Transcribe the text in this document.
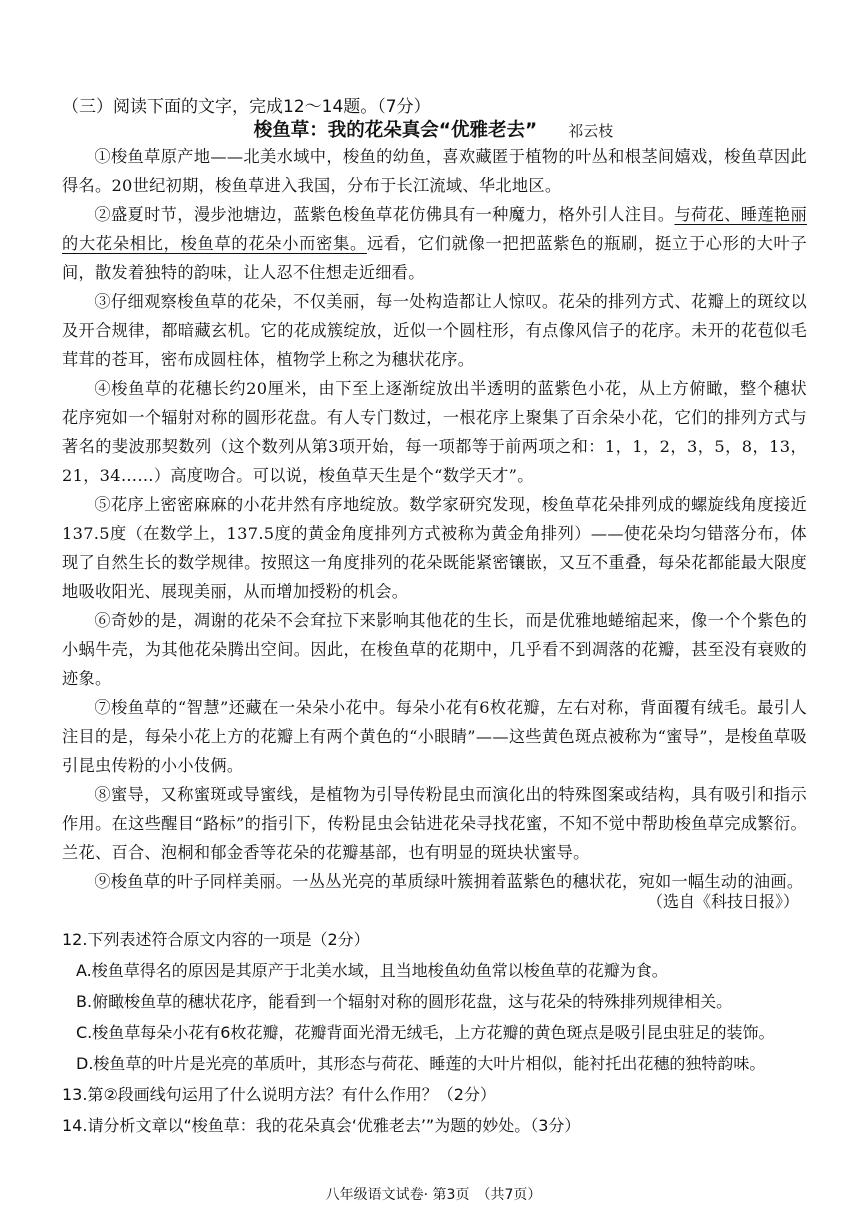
（三）阅读下面的文字，完成12～14题。（7分）
梭鱼草：我的花朵真会“优雅老去” 祁云枝

①梭鱼草原产地——北美水域中，梭鱼的幼鱼，喜欢藏匿于植物的叶丛和根茎间嬉戏，梭鱼草因此得名。20世纪初期，梭鱼草进入我国，分布于长江流域、华北地区。

②盛夏时节，漫步池塘边，蓝紫色梭鱼草花仿佛具有一种魔力，格外引人注目。与荷花、睡莲艳丽的大花朵相比，梭鱼草的花朵小而密集。远看，它们就像一把把蓝紫色的瓶刷，挺立于心形的大叶子间，散发着独特的韵味，让人忍不住想走近细看。

③仔细观察梭鱼草的花朵，不仅美丽，每一处构造都让人惊叹。花朵的排列方式、花瓣上的斑纹以及开合规律，都暗藏玄机。它的花成簇绽放，近似一个圆柱形，有点像风信子的花序。未开的花苞似毛茸茸的苍耳，密布成圆柱体，植物学上称之为穗状花序。

④梭鱼草的花穗长约20厘米，由下至上逐渐绽放出半透明的蓝紫色小花，从上方俯瞰，整个穗状花序宛如一个辐射对称的圆形花盘。有人专门数过，一根花序上聚集了百余朵小花，它们的排列方式与著名的斐波那契数列（这个数列从第3项开始，每一项都等于前两项之和：1，1，2，3，5，8，13，21，34……）高度吻合。可以说，梭鱼草天生是个“数学天才”。

⑤花序上密密麻麻的小花井然有序地绽放。数学家研究发现，梭鱼草花朵排列成的螺旋线角度接近137.5度（在数学上，137.5度的黄金角度排列方式被称为黄金角排列）——使花朵均匀错落分布，体现了自然生长的数学规律。按照这一角度排列的花朵既能紧密镶嵌，又互不重叠，每朵花都能最大限度地吸收阳光、展现美丽，从而增加授粉的机会。

⑥奇妙的是，凋谢的花朵不会耷拉下来影响其他花的生长，而是优雅地蜷缩起来，像一个个紫色的小蜗牛壳，为其他花朵腾出空间。因此，在梭鱼草的花期中，几乎看不到凋落的花瓣，甚至没有衰败的迹象。

⑦梭鱼草的“智慧”还藏在一朵朵小花中。每朵小花有6枚花瓣，左右对称，背面覆有绒毛。最引人注目的是，每朵小花上方的花瓣上有两个黄色的“小眼睛”——这些黄色斑点被称为“蜜导”，是梭鱼草吸引昆虫传粉的小小伎俩。

⑧蜜导，又称蜜斑或导蜜线，是植物为引导传粉昆虫而演化出的特殊图案或结构，具有吸引和指示作用。在这些醒目“路标”的指引下，传粉昆虫会钻进花朵寻找花蜜，不知不觉中帮助梭鱼草完成繁衍。兰花、百合、泡桐和郁金香等花朵的花瓣基部，也有明显的斑块状蜜导。

⑨梭鱼草的叶子同样美丽。一丛丛光亮的革质绿叶簇拥着蓝紫色的穗状花，宛如一幅生动的油画。

（选自《科技日报》）

12.下列表述符合原文内容的一项是（2分）

A.梭鱼草得名的原因是其原产于北美水域，且当地梭鱼幼鱼常以梭鱼草的花瓣为食。

B.俯瞰梭鱼草的穗状花序，能看到一个辐射对称的圆形花盘，这与花朵的特殊排列规律相关。

C.梭鱼草每朵小花有6枚花瓣，花瓣背面光滑无绒毛，上方花瓣的黄色斑点是吸引昆虫驻足的装饰。

D.梭鱼草的叶片是光亮的革质叶，其形态与荷花、睡莲的大叶片相似，能衬托出花穗的独特韵味。

13.第②段画线句运用了什么说明方法？有什么作用？（2分）

14.请分析文章以“梭鱼草：我的花朵真会‘优雅老去’”为题的妙处。（3分）

八年级语文试卷· 第3页　（共7页）
